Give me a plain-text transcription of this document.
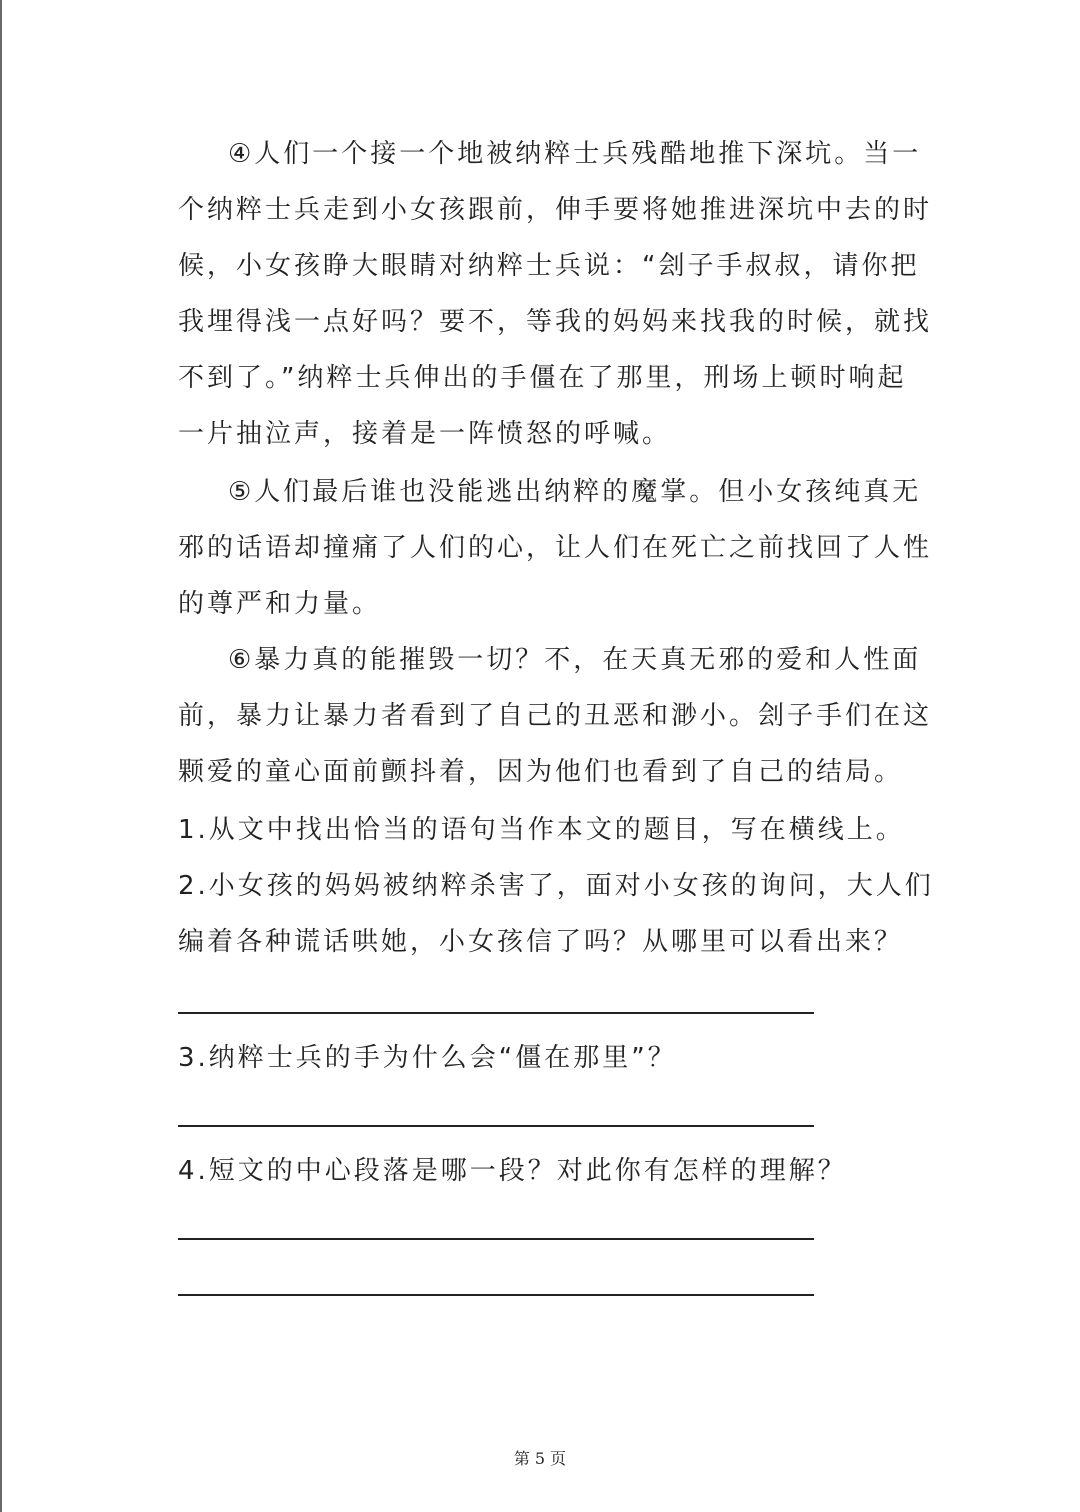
④人们一个接一个地被纳粹士兵残酷地推下深坑。当一
个纳粹士兵走到小女孩跟前，伸手要将她推进深坑中去的时
候，小女孩睁大眼睛对纳粹士兵说：“刽子手叔叔，请你把
我埋得浅一点好吗？要不，等我的妈妈来找我的时候，就找
不到了。”纳粹士兵伸出的手僵在了那里，刑场上顿时响起
一片抽泣声，接着是一阵愤怒的呼喊。
⑤人们最后谁也没能逃出纳粹的魔掌。但小女孩纯真无
邪的话语却撞痛了人们的心，让人们在死亡之前找回了人性
的尊严和力量。
⑥暴力真的能摧毁一切？不，在天真无邪的爱和人性面
前，暴力让暴力者看到了自己的丑恶和渺小。刽子手们在这
颗爱的童心面前颤抖着，因为他们也看到了自己的结局。
1.从文中找出恰当的语句当作本文的题目，写在横线上。
2.小女孩的妈妈被纳粹杀害了，面对小女孩的询问，大人们
编着各种谎话哄她，小女孩信了吗？从哪里可以看出来？
3.纳粹士兵的手为什么会“僵在那里”？
4.短文的中心段落是哪一段？对此你有怎样的理解？
第 5 页
